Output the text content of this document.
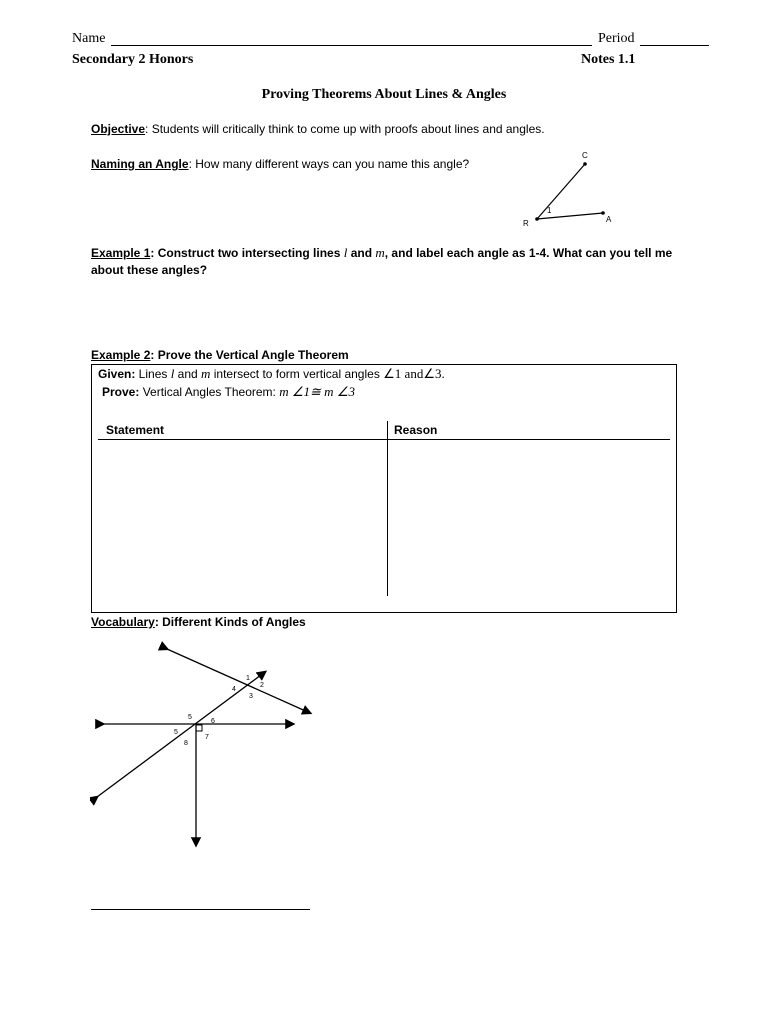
Name	Period
Secondary 2 Honors	Notes 1.1
Proving Theorems About Lines & Angles
Objective: Students will critically think to come up with proofs about lines and angles.
Naming an Angle: How many different ways can you name this angle?
C
R	A
1
Example 1: Construct two intersecting lines l and m, and label each angle as 1-4. What can you tell me
about these angles?
Example 2: Prove the Vertical Angle Theorem
Given: Lines l and m intersect to form vertical angles ∠1 and∠3.
Prove: Vertical Angles Theorem: m ∠1≅ m ∠3
Statement	Reason
Vocabulary: Different Kinds of Angles
1
2
3
4
5
6
5
7
8
